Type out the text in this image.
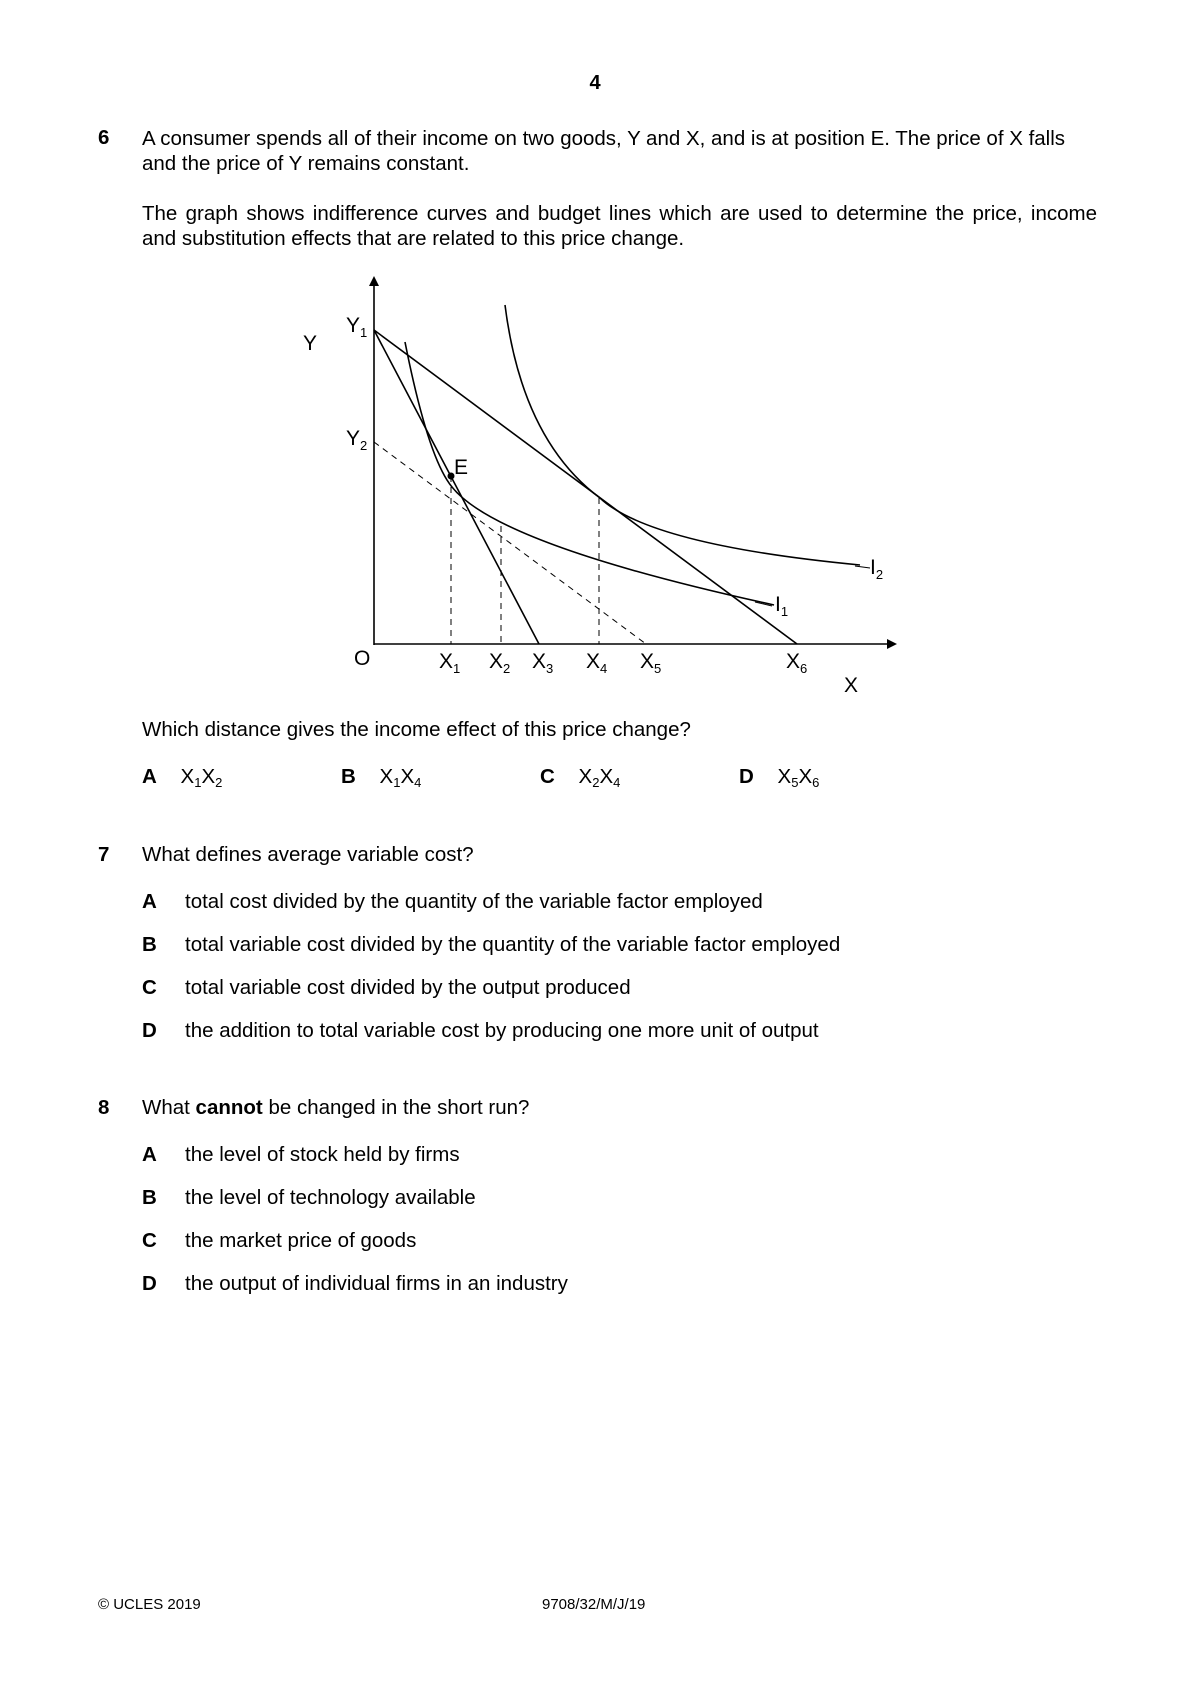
4
6 A consumer spends all of their income on two goods, Y and X, and is at position E. The price of X falls and the price of Y remains constant.
The graph shows indifference curves and budget lines which are used to determine the price, income and substitution effects that are related to this price change.
Y
X
O
E
$Y_1$
$Y_2$
$X_1$ $X_2$ $X_3$ $X_4$ $X_5$	$X_6$
$I_1$
$I_2$
Which distance gives the income effect of this price change?
A $X_1X_2$	B $X_1X_4$	C $X_2X_4$	D $X_5X_6$
7 What defines average variable cost?
A total cost divided by the quantity of the variable factor employed
B total variable cost divided by the quantity of the variable factor employed
C total variable cost divided by the output produced
D the addition to total variable cost by producing one more unit of output
8 What cannot be changed in the short run?
A the level of stock held by firms
B the level of technology available
C the market price of goods
D the output of individual firms in an industry
© UCLES 2019	9708/32/M/J/19
